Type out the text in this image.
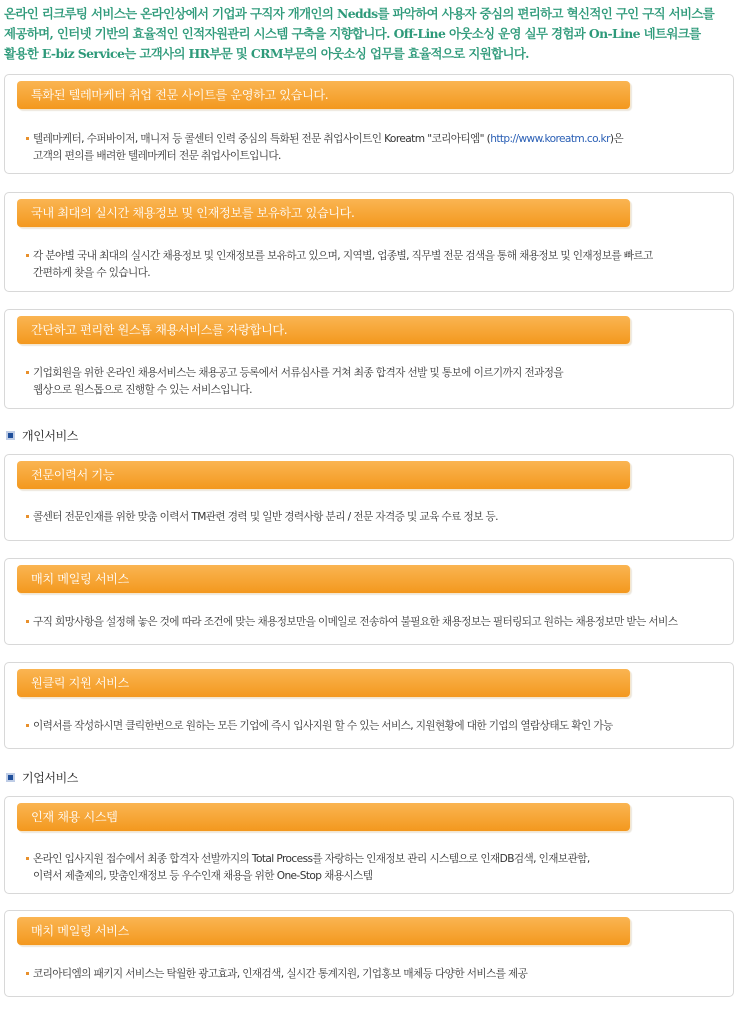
온라인 리크루팅 서비스는 온라인상에서 기업과 구직자 개개인의 Nedds를 파악하여 사용자 중심의 편리하고 혁신적인 구인 구직 서비스를
제공하며, 인터넷 기반의 효율적인 인적자원관리 시스템 구축을 지향합니다. Off-Line 아웃소싱 운영 실무 경험과 On-Line 네트워크를
활용한 E-biz Service는 고객사의 HR부문 및 CRM부문의 아웃소싱 업무를 효율적으로 지원합니다.
특화된 텔레마케터 취업 전문 사이트를 운영하고 있습니다.
텔레마케터, 수퍼바이저, 매니저 등 콜센터 인력 중심의 특화된 전문 취업사이트인 Koreatm "코리아티엠" (http://www.koreatm.co.kr)은
고객의 편의를 배려한 텔레마케터 전문 취업사이트입니다.
국내 최대의 실시간 채용정보 및 인재정보를 보유하고 있습니다.
각 분야별 국내 최대의 실시간 채용정보 및 인재정보를 보유하고 있으며, 지역별, 업종별, 직무별 전문 검색을 통해 채용정보 및 인재정보를 빠르고
간편하게 찾을 수 있습니다.
간단하고 편리한 원스톱 채용서비스를 자랑합니다.
기업회원을 위한 온라인 채용서비스는 채용공고 등록에서 서류심사를 거쳐 최종 합격자 선발 및 통보에 이르기까지 전과정을
웹상으로 원스톱으로 진행할 수 있는 서비스입니다.
개인서비스
전문이력서 기능
콜센터 전문인재를 위한 맞춤 이력서 TM관련 경력 및 일반 경력사항 분리 / 전문 자격증 및 교육 수료 정보 등.
매치 메일링 서비스
구직 희망사항을 설정해 놓은 것에 따라 조건에 맞는 채용정보만을 이메일로 전송하여 불필요한 채용정보는 필터링되고 원하는 채용정보만 받는 서비스
원클릭 지원 서비스
이력서를 작성하시면 클릭한번으로 원하는 모든 기업에 즉시 입사지원 할 수 있는 서비스, 지원현황에 대한 기업의 열람상태도 확인 가능
기업서비스
인재 채용 시스템
온라인 입사지원 접수에서 최종 합격자 선발까지의 Total Process를 자랑하는 인재정보 관리 시스템으로 인재DB검색, 인재보관함,
이력서 제출제의, 맞춤인재정보 등 우수인재 채용을 위한 One-Stop 채용시스템
매치 메일링 서비스
코리아티엠의 패키지 서비스는 탁월한 광고효과, 인재검색, 실시간 통계지원, 기업홍보 매체등 다양한 서비스를 제공
